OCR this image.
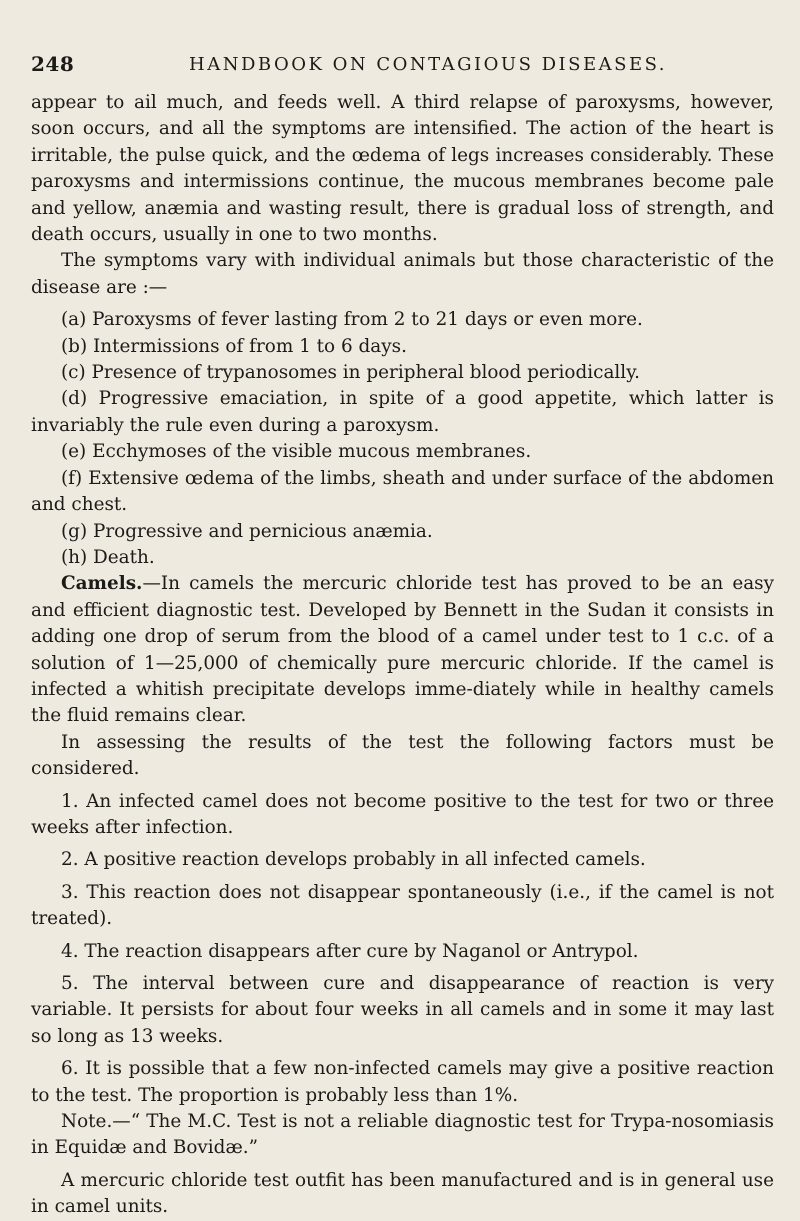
248	HANDBOOK ON CONTAGIOUS DISEASES.

appear to ail much, and feeds well. A third relapse of paroxysms, however, soon occurs, and all the symptoms are intensified. The action of the heart is irritable, the pulse quick, and the œdema of legs increases considerably. These paroxysms and intermissions continue, the mucous membranes become pale and yellow, anæmia and wasting result, there is gradual loss of strength, and death occurs, usually in one to two months.

The symptoms vary with individual animals but those characteristic of the disease are :—

(a) Paroxysms of fever lasting from 2 to 21 days or even more.

(b) Intermissions of from 1 to 6 days.

(c) Presence of trypanosomes in peripheral blood periodically.

(d) Progressive emaciation, in spite of a good appetite, which latter is invariably the rule even during a paroxysm.

(e) Ecchymoses of the visible mucous membranes.

(f) Extensive œdema of the limbs, sheath and under surface of the abdomen and chest.

(g) Progressive and pernicious anæmia.

(h) Death.

Camels.—In camels the mercuric chloride test has proved to be an easy and efficient diagnostic test. Developed by Bennett in the Sudan it consists in adding one drop of serum from the blood of a camel under test to 1 c.c. of a solution of 1—25,000 of chemically pure mercuric chloride. If the camel is infected a whitish precipitate develops imme-diately while in healthy camels the fluid remains clear.

In assessing the results of the test the following factors must be considered.

1. An infected camel does not become positive to the test for two or three weeks after infection.

2. A positive reaction develops probably in all infected camels.

3. This reaction does not disappear spontaneously (i.e., if the camel is not treated).

4. The reaction disappears after cure by Naganol or Antrypol.

5. The interval between cure and disappearance of reaction is very variable. It persists for about four weeks in all camels and in some it may last so long as 13 weeks.

6. It is possible that a few non-infected camels may give a positive reaction to the test. The proportion is probably less than 1%.

Note.—“ The M.C. Test is not a reliable diagnostic test for Trypa-nosomiasis in Equidæ and Bovidæ.”

A mercuric chloride test outfit has been manufactured and is in general use in camel units.
